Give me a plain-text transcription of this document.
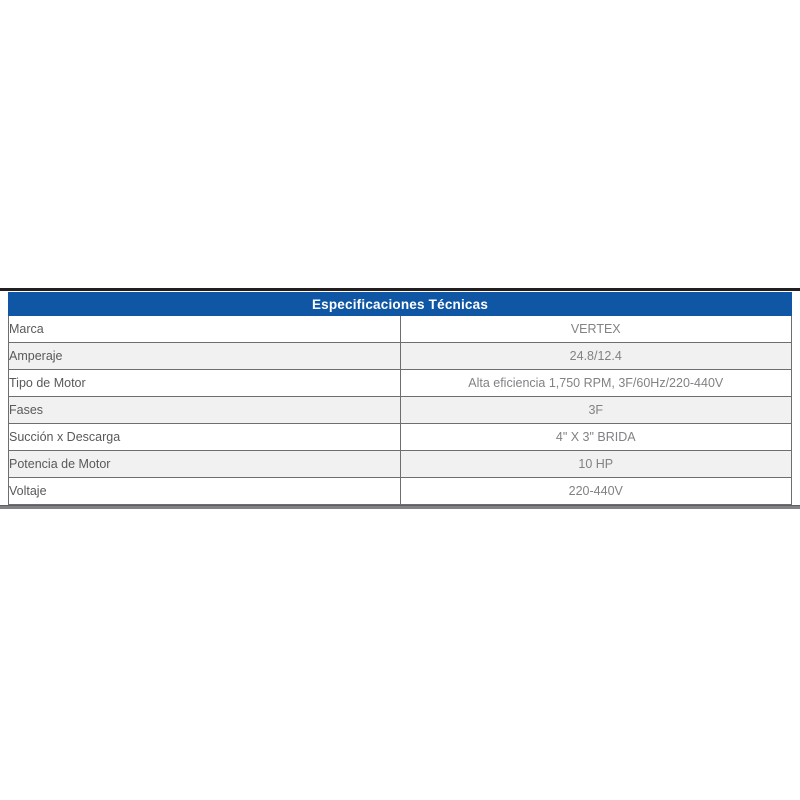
Especificaciones Técnicas	
Marca	VERTEX
Amperaje	24.8/12.4
Tipo de Motor	Alta eficiencia 1,750 RPM, 3F/60Hz/220-440V
Fases	3F
Succión x Descarga	4" X 3" BRIDA
Potencia de Motor	10 HP
Voltaje	220-440V
